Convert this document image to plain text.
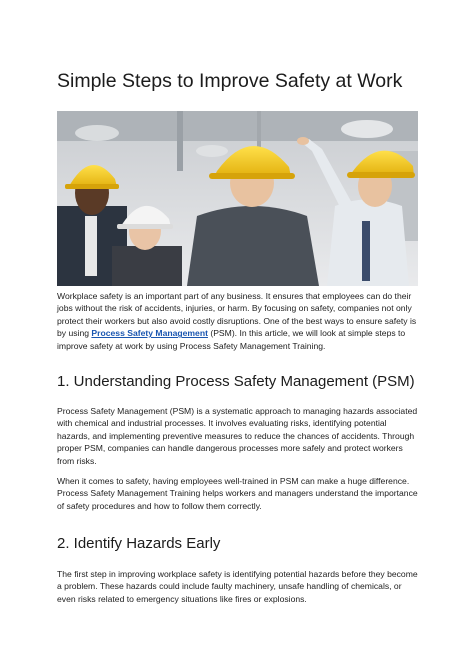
Simple Steps to Improve Safety at Work

Workplace safety is an important part of any business. It ensures that employees can do their jobs without the risk of accidents, injuries, or harm. By focusing on safety, companies not only protect their workers but also avoid costly disruptions. One of the best ways to ensure safety is by using Process Safety Management (PSM). In this article, we will look at simple steps to improve safety at work by using Process Safety Management Training.

1. Understanding Process Safety Management (PSM)

Process Safety Management (PSM) is a systematic approach to managing hazards associated with chemical and industrial processes. It involves evaluating risks, identifying potential hazards, and implementing preventive measures to reduce the chances of accidents. Through proper PSM, companies can handle dangerous processes more safely and protect workers from risks.

When it comes to safety, having employees well-trained in PSM can make a huge difference. Process Safety Management Training helps workers and managers understand the importance of safety procedures and how to follow them correctly.

2. Identify Hazards Early

The first step in improving workplace safety is identifying potential hazards before they become a problem. These hazards could include faulty machinery, unsafe handling of chemicals, or even risks related to emergency situations like fires or explosions.
